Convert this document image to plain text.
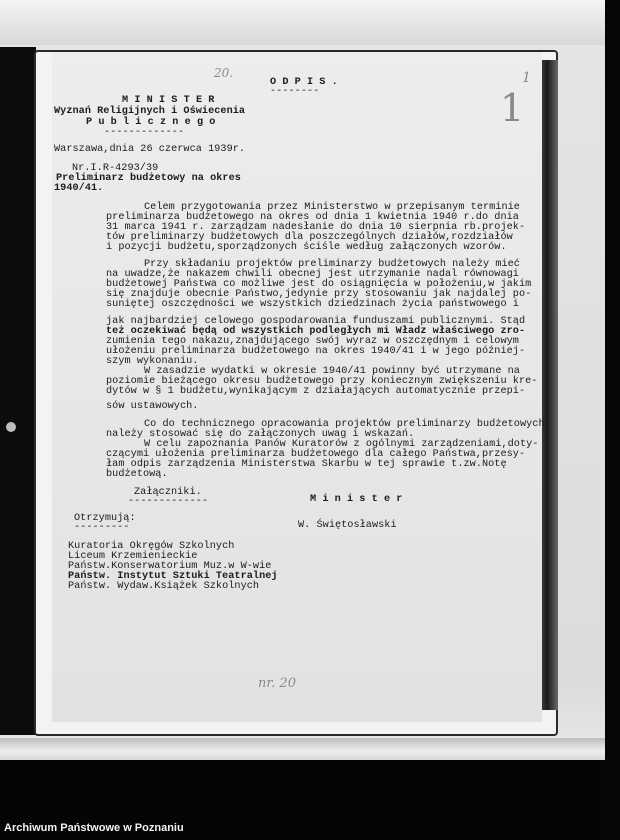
20.	1
1
O D P I S .
--------
M I N I S T E R
Wyznań Religijnych i Oświecenia
P u b l i c z n e g o
-------------
Warszawa,dnia 26 czerwca 1939r.
Nr.I.R-4293/39
Preliminarz budżetowy na okres
1940/41.
Celem przygotowania przez Ministerstwo w przepisanym terminie
preliminarza budżetowego na okres od dnia 1 kwietnia 1940 r.do dnia
31 marca 1941 r. zarządzam nadesłanie do dnia 10 sierpnia rb.projek-
tów preliminarzy budżetowych dla poszczególnych działów,rozdziałów
i pozycji budżetu,sporządzonych ściśle według załączonych wzorów.
Przy składaniu projektów preliminarzy budżetowych należy mieć
na uwadze,że nakazem chwili obecnej jest utrzymanie nadal równowagi
budżetowej Państwa co możliwe jest do osiągnięcia w położeniu,w jakim
się znajduje obecnie Państwo,jedynie przy stosowaniu jak najdalej po-
suniętej oszczędności we wszystkich dziedzinach życia państwowego i
jak najbardziej celowego gospodarowania funduszami publicznymi. Stąd
też oczekiwać będą od wszystkich podległych mi Władz właściwego zro-
zumienia tego nakazu,znajdującego swój wyraz w oszczędnym i celowym
ułożeniu preliminarza budżetowego na okres 1940/41 i w jego później-
szym wykonaniu.
W zasadzie wydatki w okresie 1940/41 powinny być utrzymane na
poziomie bieżącego okresu budżetowego przy koniecznym zwiększeniu kre-
dytów w § 1 budżetu,wynikającym z działających automatycznie przepi-
sów ustawowych.
Co do technicznego opracowania projektów preliminarzy budżetowych
należy stosować się do załączonych uwag i wskazań.
W celu zapoznania Panów Kuratorów z ogólnymi zarządzeniami,doty-
czącymi ułożenia preliminarza budżetowego dla całego Państwa,przesy-
łam odpis zarządzenia Ministerstwa Skarbu w tej sprawie t.zw.Notę
budżetową.
Załączniki.
-------------	M i n i s t e r
Otrzymują:
---------	W. Świętosławski
Kuratoria Okręgów Szkolnych
Liceum Krzemienieckie
Państw.Konserwatorium Muz.w W-wie
Państw. Instytut Sztuki Teatralnej
Państw. Wydaw.Książek Szkolnych
nr. 20
Archiwum Państwowe w Poznaniu
